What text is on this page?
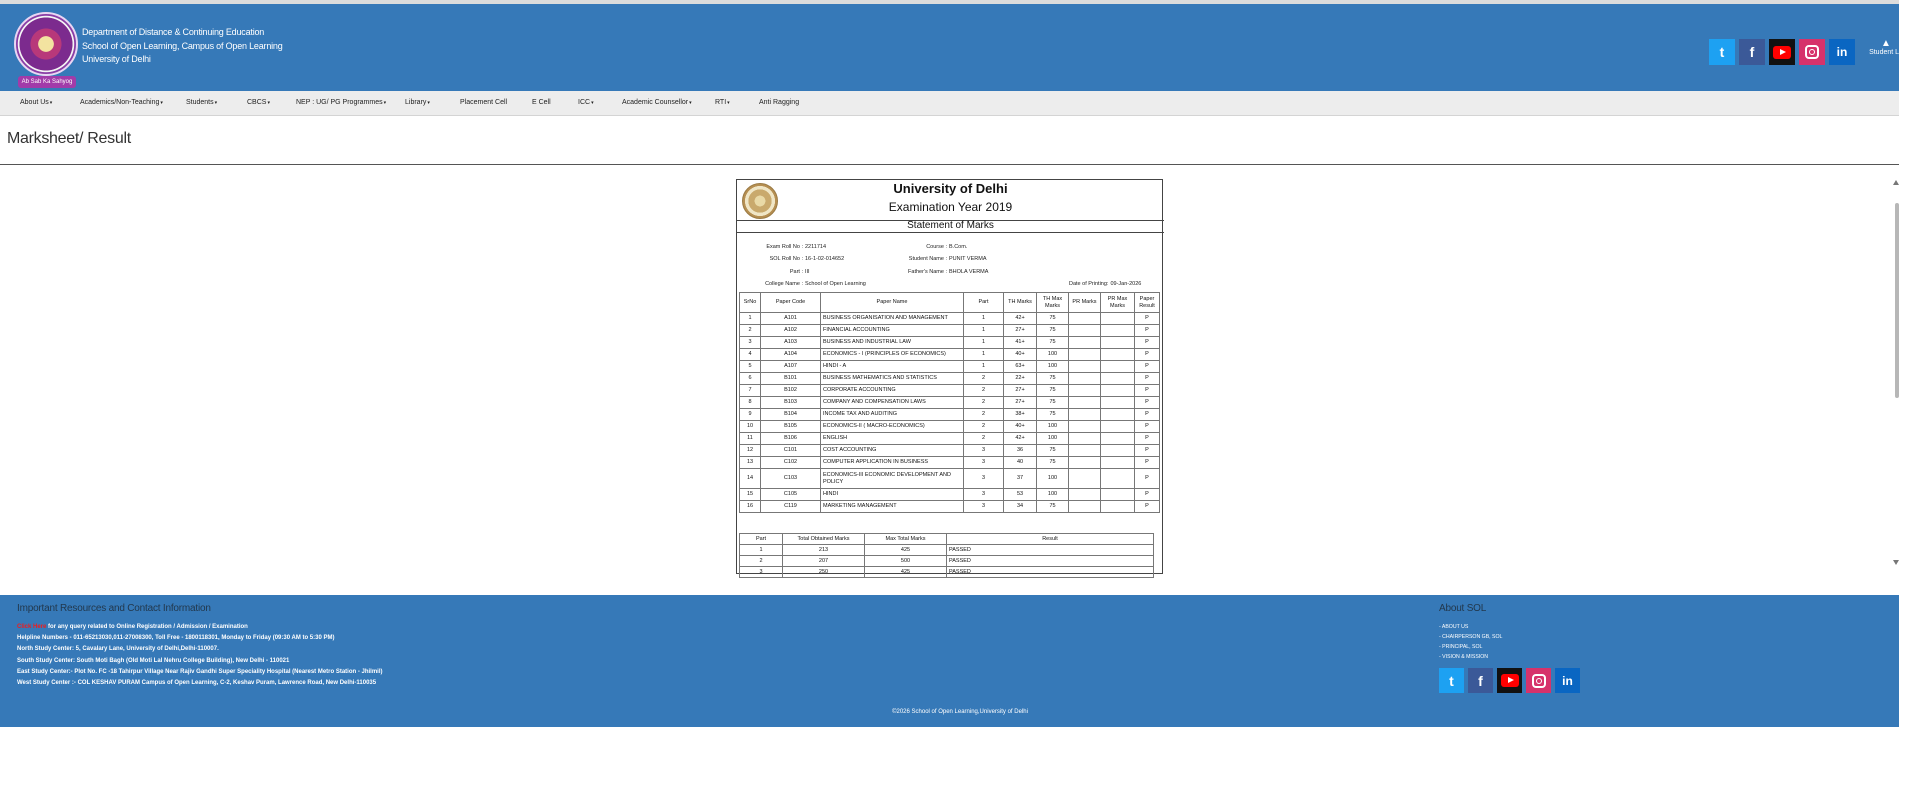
Ab Sab Ka Sahyog
Department of Distance & Continuing Education
School of Open Learning, Campus of Open Learning
University of Delhi	t f	in
▲
Student Lo
About Us▾	Academics/Non-Teaching▾	Students▾	CBCS▾	NEP : UG/ PG Programmes▾	Library▾	Placement Cell	E Cell	ICC▾	Academic Counsellor▾	RTI▾	Anti Ragging
Marksheet/ Result
University of Delhi
Examination Year 2019
Statement of Marks
Exam Roll No : 2211714
SOL Roll No : 16-1-02-014652
Part : III
College Name : School of Open Learning
Course : B.Com.
Student Name : PUNIT VERMA
Father's Name : BHOLA VERMA
Date of Printing: 09-Jan-2026
SrNo	Paper Code	Paper Name	Part	TH Marks	TH Max Marks	PR Marks	PR Max Marks	Paper Result
1	A101	BUSINESS ORGANISATION AND MANAGEMENT	1	42+	75			P
2	A102	FINANCIAL ACCOUNTING	1	27+	75			P
3	A103	BUSINESS AND INDUSTRIAL LAW	1	41+	75			P
4	A104	ECONOMICS - I (PRINCIPLES OF ECONOMICS)	1	40+	100			P
5	A107	HINDI - A	1	63+	100			P
6	B101	BUSINESS MATHEMATICS AND STATISTICS	2	22+	75			P
7	B102	CORPORATE ACCOUNTING	2	27+	75			P
8	B103	COMPANY AND COMPENSATION LAWS	2	27+	75			P
9	B104	INCOME TAX AND AUDITING	2	38+	75			P
10	B105	ECONOMICS-II ( MACRO-ECONOMICS)	2	40+	100			P
11	B106	ENGLISH	2	42+	100			P
12	C101	COST ACCOUNTING	3	36	75			P
13	C102	COMPUTER APPLICATION IN BUSINESS	3	40	75			P
14	C103	ECONOMICS-III ECONOMIC DEVELOPMENT AND POLICY	3	37	100			P
15	C105	HINDI	3	53	100			P
16	C119	MARKETING MANAGEMENT	3	34	75			P
Part	Total Obtained Marks	Max Total Marks	Result
1	213	425	PASSED
2	207	500	PASSED
3	250	425	PASSED
Important Resources and Contact Information
Click Here for any query related to Online Registration / Admission / Examination
Helpline Numbers - 011-65213030,011-27008300, Toll Free - 1800118301, Monday to Friday (09:30 AM to 5:30 PM)
North Study Center: 5, Cavalary Lane, University of Delhi,Delhi-110007.
South Study Center: South Moti Bagh (Old Moti Lal Nehru College Building), New Delhi - 110021
East Study Center:- Plot No. FC -18 Tahirpur Village Near Rajiv Gandhi Super Speciality Hospital (Nearest Metro Station - Jhilmil)
West Study Center :- COL KESHAV PURAM Campus of Open Learning, C-2, Keshav Puram, Lawrence Road, New Delhi-110035
About SOL
- ABOUT US
- CHAIRPERSON GB, SOL
- PRINCIPAL, SOL
- VISION & MISSION
t f	in
©2026 School of Open Learning,University of Delhi
